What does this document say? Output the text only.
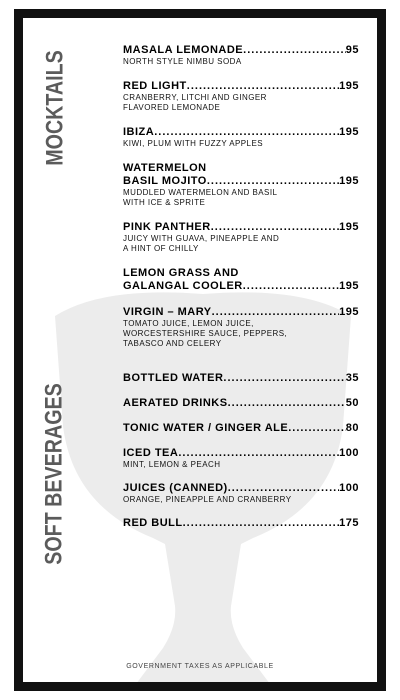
MOCKTAILS
SOFT BEVERAGES
MASALA LEMONADE .....	95
NORTH STYLE NIMBU SODA
RED LIGHT .....	195
CRANBERRY, LITCHI AND GINGER
FLAVORED LEMONADE
IBIZA .....	195
KIWI, PLUM WITH FUZZY APPLES
WATERMELON
BASIL MOJITO .....	195
MUDDLED WATERMELON AND BASIL
WITH ICE & SPRITE
PINK PANTHER .....	195
JUICY WITH GUAVA, PINEAPPLE AND
A HINT OF CHILLY
LEMON GRASS AND
GALANGAL COOLER .....	195
VIRGIN – MARY .....	195
TOMATO JUICE, LEMON JUICE,
WORCESTERSHIRE SAUCE, PEPPERS,
TABASCO AND CELERY
BOTTLED WATER .....	35
AERATED DRINKS .....	50
TONIC WATER / GINGER ALE .....	80
ICED TEA .....	100
MINT, LEMON & PEACH
JUICES (CANNED) .....	100
ORANGE, PINEAPPLE AND CRANBERRY
RED BULL .....	175
GOVERNMENT TAXES AS APPLICABLE
